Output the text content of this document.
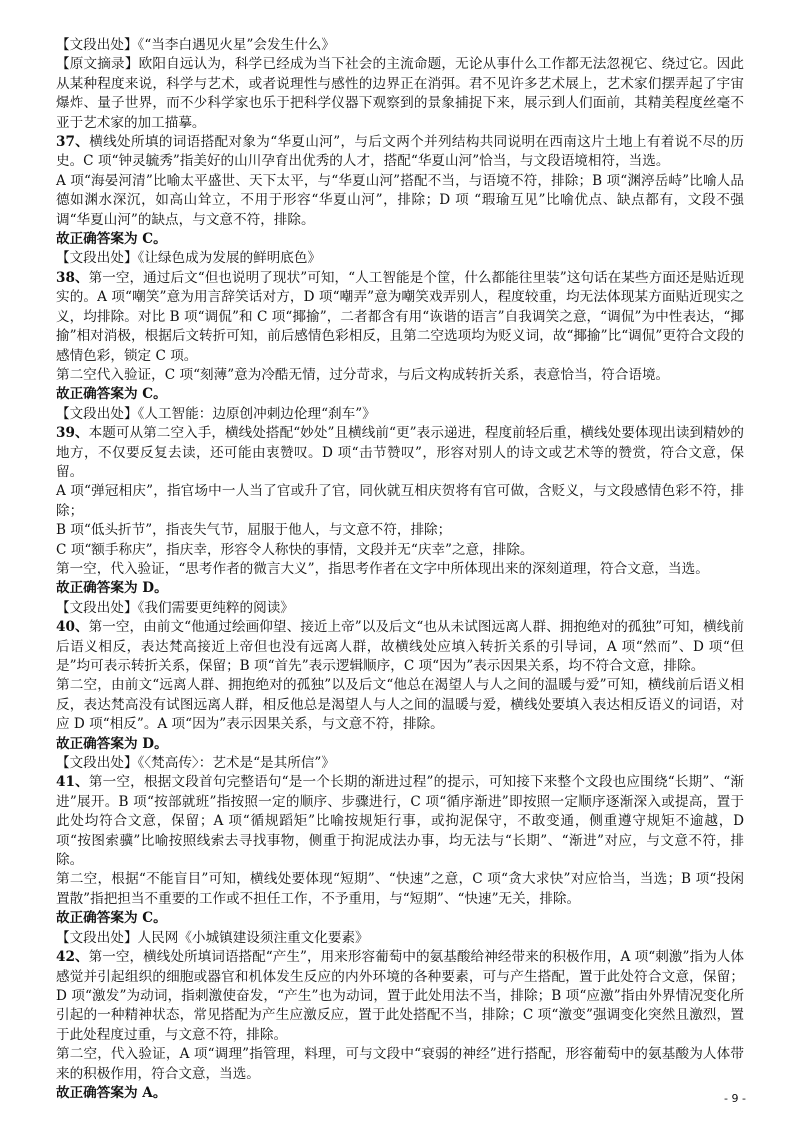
【文段出处】《“当李白遇见火星”会发生什么》

【原文摘录】欧阳自远认为，科学已经成为当下社会的主流命题，无论从事什么工作都无法忽视它、绕过它。因此从某种程度来说，科学与艺术，或者说理性与感性的边界正在消弭。君不见许多艺术展上，艺术家们摆弄起了宇宙爆炸、量子世界，而不少科学家也乐于把科学仪器下观察到的景象捕捉下来，展示到人们面前，其精美程度丝毫不亚于艺术家的加工描摹。

37、横线处所填的词语搭配对象为“华夏山河”，与后文两个并列结构共同说明在西南这片土地上有着说不尽的历史。C 项“钟灵毓秀”指美好的山川孕育出优秀的人才，搭配“华夏山河”恰当，与文段语境相符，当选。

A 项“海晏河清”比喻太平盛世、天下太平，与“华夏山河”搭配不当，与语境不符，排除；B 项“渊渟岳峙”比喻人品德如渊水深沉，如高山耸立，不用于形容“华夏山河”，排除；D 项 “瑕瑜互见”比喻优点、缺点都有，文段不强调“华夏山河”的缺点，与文意不符，排除。

故正确答案为 C。

【文段出处】《让绿色成为发展的鲜明底色》

38、第一空，通过后文“但也说明了现状”可知，“人工智能是个筐，什么都能往里装”这句话在某些方面还是贴近现实的。A 项“嘲笑”意为用言辞笑话对方，D 项“嘲弄”意为嘲笑戏弄别人，程度较重，均无法体现某方面贴近现实之义，均排除。对比 B 项“调侃”和 C 项“揶揄”，二者都含有用“诙谐的语言”自我调笑之意，“调侃”为中性表达，“揶揄”相对消极，根据后文转折可知，前后感情色彩相反，且第二空选项均为贬义词，故“揶揄”比“调侃”更符合文段的感情色彩，锁定 C 项。

第二空代入验证，C 项“刻薄”意为冷酷无情，过分苛求，与后文构成转折关系，表意恰当，符合语境。

故正确答案为 C。

【文段出处】《人工智能：边原创冲刺边伦理“刹车”》

39、本题可从第二空入手，横线处搭配“妙处”且横线前“更”表示递进，程度前轻后重，横线处要体现出读到精妙的地方，不仅要反复去读，还可能由衷赞叹。D 项“击节赞叹”，形容对别人的诗文或艺术等的赞赏，符合文意，保留。

A 项“弹冠相庆”，指官场中一人当了官或升了官，同伙就互相庆贺将有官可做，含贬义，与文段感情色彩不符，排除；

B 项“低头折节”，指丧失气节，屈服于他人，与文意不符，排除；

C 项“额手称庆”，指庆幸，形容令人称快的事情，文段并无“庆幸”之意，排除。

第一空，代入验证，“思考作者的微言大义”，指思考作者在文字中所体现出来的深刻道理，符合文意，当选。

故正确答案为 D。

【文段出处】《我们需要更纯粹的阅读》

40、第一空，由前文“他通过绘画仰望、接近上帝”以及后文“也从未试图远离人群、拥抱绝对的孤独”可知，横线前后语义相反，表达梵高接近上帝但也没有远离人群，故横线处应填入转折关系的引导词，A 项“然而”、D 项“但是”均可表示转折关系，保留；B 项“首先”表示逻辑顺序，C 项“因为”表示因果关系，均不符合文意，排除。

第二空，由前文“远离人群、拥抱绝对的孤独”以及后文“他总在渴望人与人之间的温暖与爱”可知，横线前后语义相反，表达梵高没有试图远离人群，相反他总是渴望人与人之间的温暖与爱，横线处要填入表达相反语义的词语，对应 D 项“相反”。A 项“因为”表示因果关系，与文意不符，排除。

故正确答案为 D。

【文段出处】《〈梵高传〉：艺术是“是其所信”》

41、第一空，根据文段首句完整语句“是一个长期的渐进过程”的提示，可知接下来整个文段也应围绕“长期”、“渐进”展开。B 项“按部就班”指按照一定的顺序、步骤进行，C 项“循序渐进”即按照一定顺序逐渐深入或提高，置于此处均符合文意，保留；A 项“循规蹈矩”比喻按规矩行事，或拘泥保守，不敢变通，侧重遵守规矩不逾越，D 项“按图索骥”比喻按照线索去寻找事物，侧重于拘泥成法办事，均无法与“长期”、“渐进”对应，与文意不符，排除。

第二空，根据“不能盲目”可知，横线处要体现“短期”、“快速”之意，C 项“贪大求快”对应恰当，当选；B 项“投闲置散”指把担当不重要的工作或不担任工作，不予重用，与“短期”、“快速”无关，排除。

故正确答案为 C。

【文段出处】人民网《小城镇建设须注重文化要素》

42、第一空，横线处所填词语搭配“产生”，用来形容葡萄中的氨基酸给神经带来的积极作用，A 项“刺激”指为人体感觉并引起组织的细胞或器官和机体发生反应的内外环境的各种要素，可与产生搭配，置于此处符合文意，保留；D 项“激发”为动词，指刺激使奋发，“产生”也为动词，置于此处用法不当，排除；B 项“应激”指由外界情况变化所引起的一种精神状态，常见搭配为产生应激反应，置于此处搭配不当，排除；C 项“激变”强调变化突然且激烈，置于此处程度过重，与文意不符，排除。

第二空，代入验证，A 项“调理”指管理，料理，可与文段中“衰弱的神经”进行搭配，形容葡萄中的氨基酸为人体带来的积极作用，符合文意，当选。

故正确答案为 A。	- 9 -
